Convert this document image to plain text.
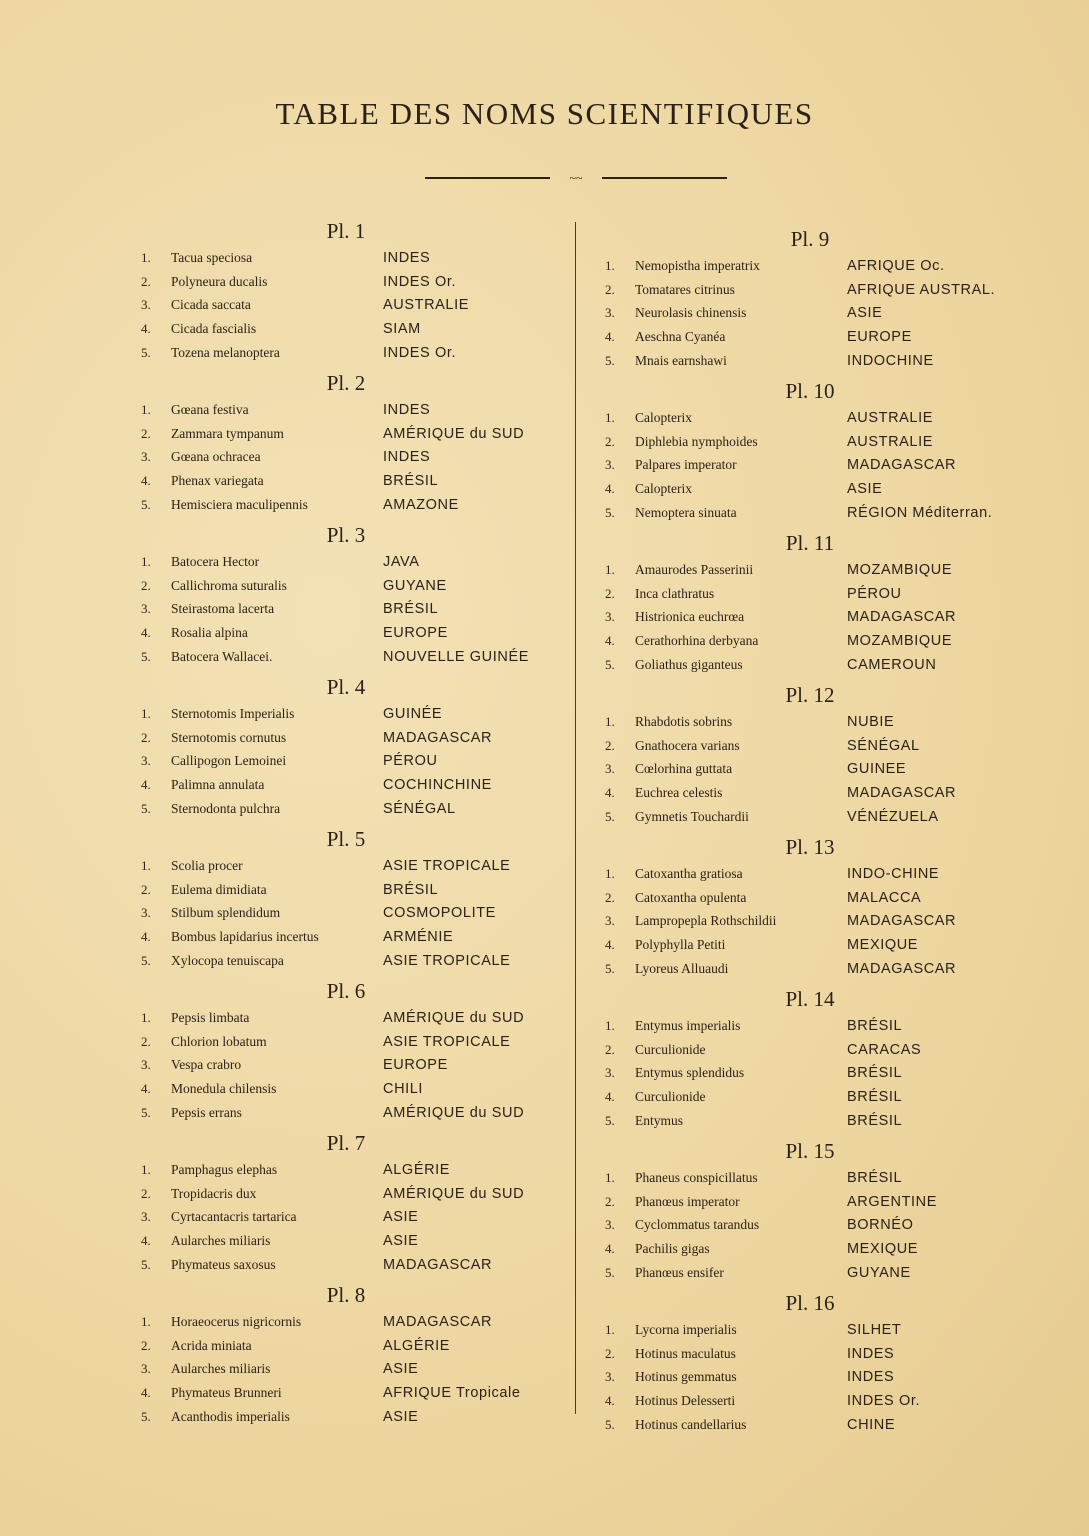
TABLE DES NOMS SCIENTIFIQUES
~~
Pl. 1
1.	Tacua speciosa	INDES
2.	Polyneura ducalis	INDES Or.
3.	Cicada saccata	AUSTRALIE
4.	Cicada fascialis	SIAM
5.	Tozena melanoptera	INDES Or.
Pl. 2
1.	Gœana festiva	INDES
2.	Zammara tympanum	AMÉRIQUE du SUD
3.	Gœana ochracea	INDES
4.	Phenax variegata	BRÉSIL
5.	Hemisciera maculipennis	AMAZONE
Pl. 3
1.	Batocera Hector	JAVA
2.	Callichroma suturalis	GUYANE
3.	Steirastoma lacerta	BRÉSIL
4.	Rosalia alpina	EUROPE
5.	Batocera Wallacei.	NOUVELLE GUINÉE
Pl. 4
1.	Sternotomis Imperialis	GUINÉE
2.	Sternotomis cornutus	MADAGASCAR
3.	Callipogon Lemoinei	PÉROU
4.	Palimna annulata	COCHINCHINE
5.	Sternodonta pulchra	SÉNÉGAL
Pl. 5
1.	Scolia procer	ASIE TROPICALE
2.	Eulema dimidiata	BRÉSIL
3.	Stilbum splendidum	COSMOPOLITE
4.	Bombus lapidarius incertus	ARMÉNIE
5.	Xylocopa tenuiscapa	ASIE TROPICALE
Pl. 6
1.	Pepsis limbata	AMÉRIQUE du SUD
2.	Chlorion lobatum	ASIE TROPICALE
3.	Vespa crabro	EUROPE
4.	Monedula chilensis	CHILI
5.	Pepsis errans	AMÉRIQUE du SUD
Pl. 7
1.	Pamphagus elephas	ALGÉRIE
2.	Tropidacris dux	AMÉRIQUE du SUD
3.	Cyrtacantacris tartarica	ASIE
4.	Aularches miliaris	ASIE
5.	Phymateus saxosus	MADAGASCAR
Pl. 8
1.	Horaeocerus nigricornis	MADAGASCAR
2.	Acrida miniata	ALGÉRIE
3.	Aularches miliaris	ASIE
4.	Phymateus Brunneri	AFRIQUE Tropicale
5.	Acanthodis imperialis	ASIE
Pl. 9
1.	Nemopistha imperatrix	AFRIQUE Oc.
2.	Tomatares citrinus	AFRIQUE AUSTRAL.
3.	Neurolasis chinensis	ASIE
4.	Aeschna Cyanéa	EUROPE
5.	Mnais earnshawi	INDOCHINE
Pl. 10
1.	Calopterix	AUSTRALIE
2.	Diphlebia nymphoides	AUSTRALIE
3.	Palpares imperator	MADAGASCAR
4.	Calopterix	ASIE
5.	Nemoptera sinuata	RÉGION Méditerran.
Pl. 11
1.	Amaurodes Passerinii	MOZAMBIQUE
2.	Inca clathratus	PÉROU
3.	Histrionica euchrœa	MADAGASCAR
4.	Cerathorhina derbyana	MOZAMBIQUE
5.	Goliathus giganteus	CAMEROUN
Pl. 12
1.	Rhabdotis sobrins	NUBIE
2.	Gnathocera varians	SÉNÉGAL
3.	Cœlorhina guttata	GUINEE
4.	Euchrea celestis	MADAGASCAR
5.	Gymnetis Touchardii	VÉNÉZUELA
Pl. 13
1.	Catoxantha gratiosa	INDO-CHINE
2.	Catoxantha opulenta	MALACCA
3.	Lampropepla Rothschildii	MADAGASCAR
4.	Polyphylla Petiti	MEXIQUE
5.	Lyoreus Alluaudi	MADAGASCAR
Pl. 14
1.	Entymus imperialis	BRÉSIL
2.	Curculionide	CARACAS
3.	Entymus splendidus	BRÉSIL
4.	Curculionide	BRÉSIL
5.	Entymus	BRÉSIL
Pl. 15
1.	Phaneus conspicillatus	BRÉSIL
2.	Phanœus imperator	ARGENTINE
3.	Cyclommatus tarandus	BORNÉO
4.	Pachilis gigas	MEXIQUE
5.	Phanœus ensifer	GUYANE
Pl. 16
1.	Lycorna imperialis	SILHET
2.	Hotinus maculatus	INDES
3.	Hotinus gemmatus	INDES
4.	Hotinus Delesserti	INDES Or.
5.	Hotinus candellarius	CHINE
